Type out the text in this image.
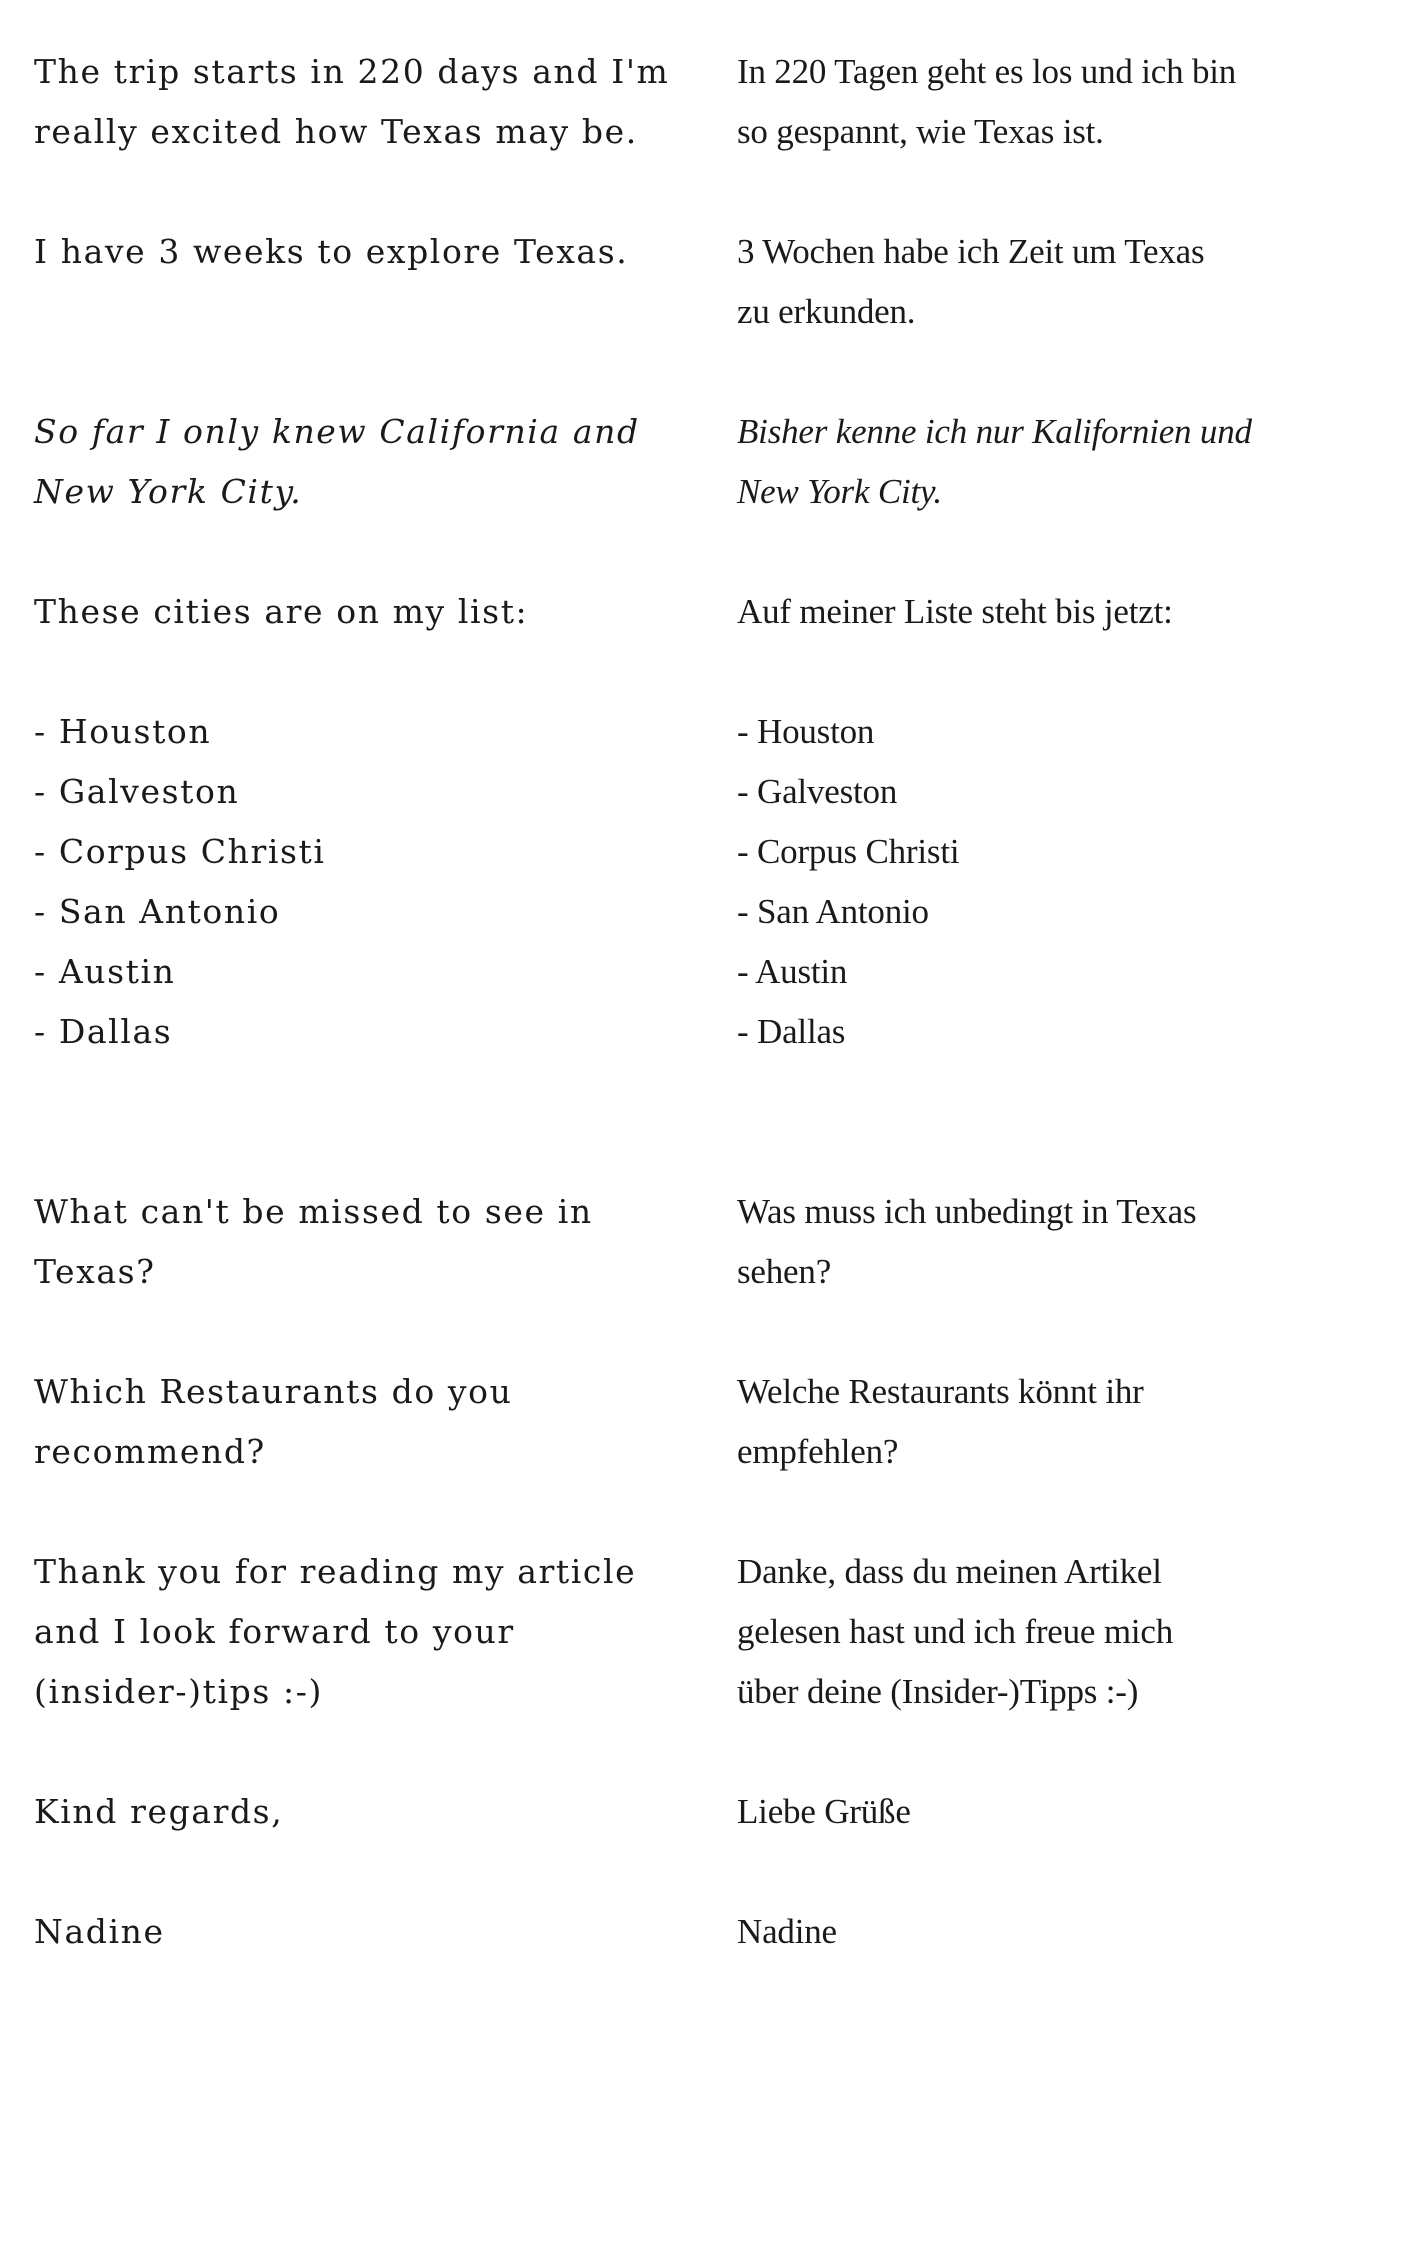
The trip starts in 220 days and I'm
really excited how Texas may be.
I have 3 weeks to explore Texas.
So far I only knew California and
New York City.
These cities are on my list:
- Houston
- Galveston
- Corpus Christi
- San Antonio
- Austin
- Dallas
What can't be missed to see in
Texas?
Which Restaurants do you
recommend?
Thank you for reading my article
and I look forward to your
(insider-)tips :-)
Kind regards,
Nadine
In 220 Tagen geht es los und ich bin
so gespannt, wie Texas ist.
3 Wochen habe ich Zeit um Texas
zu erkunden.
Bisher kenne ich nur Kalifornien und
New York City.
Auf meiner Liste steht bis jetzt:
- Houston
- Galveston
- Corpus Christi
- San Antonio
- Austin
- Dallas
Was muss ich unbedingt in Texas
sehen?
Welche Restaurants könnt ihr
empfehlen?
Danke, dass du meinen Artikel
gelesen hast und ich freue mich
über deine (Insider-)Tipps :-)
Liebe Grüße
Nadine
